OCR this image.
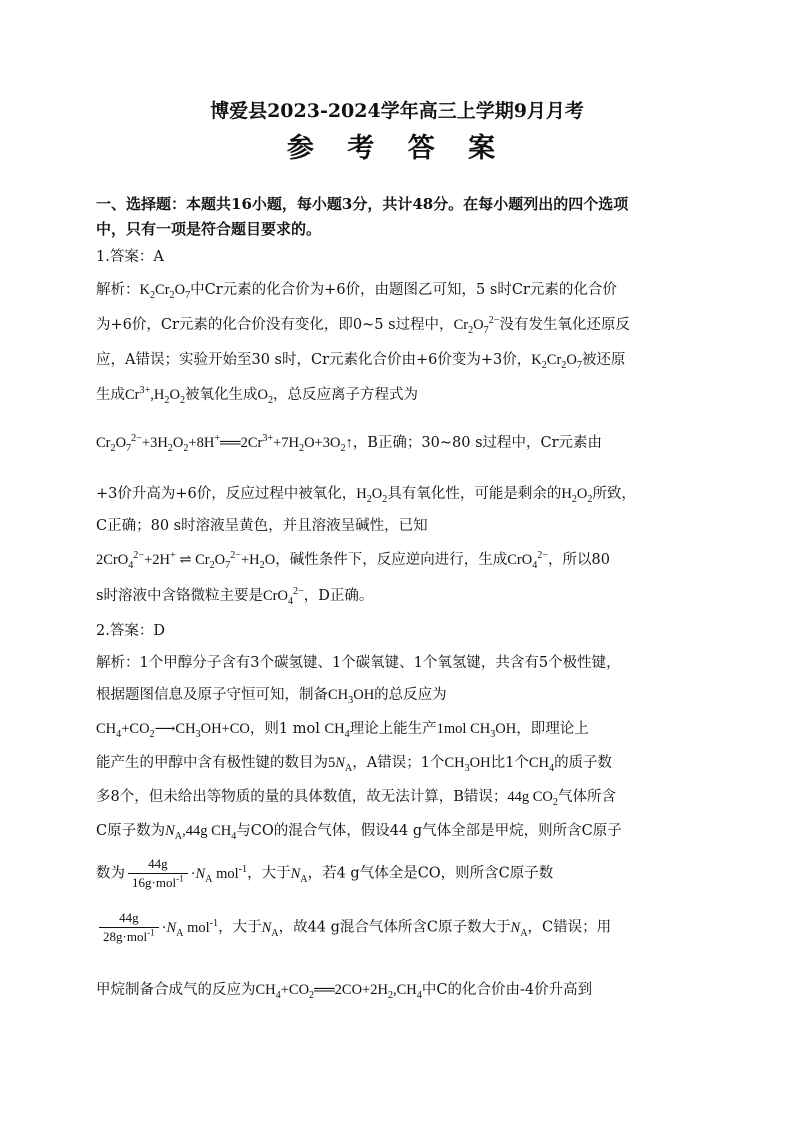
博爱县2023-2024学年高三上学期9月月考
参 考 答 案
一、选择题：本题共16小题，每小题3分，共计48分。在每小题列出的四个选项
中，只有一项是符合题目要求的。
1.答案：A
解析：$K_2Cr_2O_7$中Cr元素的化合价为+6价，由题图乙可知，5 s时Cr元素的化合价
为+6价，Cr元素的化合价没有变化，即0~5 s过程中，$Cr_2O_7^{2-}$没有发生氧化还原反
应，A错误；实验开始至30 s时，Cr元素化合价由+6价变为+3价，$K_2Cr_2O_7$被还原
生成$Cr^{3+},H_2O_2$被氧化生成$O_2$，总反应离子方程式为
$Cr_2O_7^{2-}+3H_2O_2+8H^+══2Cr^{3+}+7H_2O+3O_2↑$，B正确；30~80 s过程中，Cr元素由
+3价升高为+6价，反应过程中被氧化，$H_2O_2$具有氧化性，可能是剩余的$H_2O_2$所致，
C正确；80 s时溶液呈黄色，并且溶液呈碱性，已知
2CrO$_4^{2-}$+2H+ ⇌ $Cr_2O_7^{2-}+H_2O$，碱性条件下，反应逆向进行，生成CrO$_4^{2-}$，所以80
s时溶液中含铬微粒主要是CrO$_4^{2-}$，D正确。
2.答案：D
解析：1个甲醇分子含有3个碳氢键、1个碳氧键、1个氧氢键，共含有5个极性键，
根据题图信息及原子守恒可知，制备$CH_3OH$的总反应为
$CH_4+CO_2⟶CH_3OH+CO$，则1 mol $CH_4$理论上能生产1mol $CH_3OH$，即理论上
能产生的甲醇中含有极性键的数目为$5N_A$，A错误；1个$CH_3OH$比1个$CH_4$的质子数
多8个，但未给出等物质的量的具体数值，故无法计算，B错误；44g $CO_2$气体所含
C原子数为$N_A,44g$ $CH_4$与CO的混合气体，假设44 g气体全部是甲烷，则所含C原子
数为 $\frac{44g}{16g\cdot mol^{-1}} \cdot N_A$ mol$^{-1}$，大于$N_A$，若4 g气体全是CO，则所含C原子数
$\frac{44g}{28g\cdot mol^{-1}} \cdot N_A$ mol$^{-1}$，大于$N_A$，故44 g混合气体所含C原子数大于$N_A$，C错误；用
甲烷制备合成气的反应为$CH_4+CO_2══2CO+2H_2,CH_4$中C的化合价由-4价升高到
